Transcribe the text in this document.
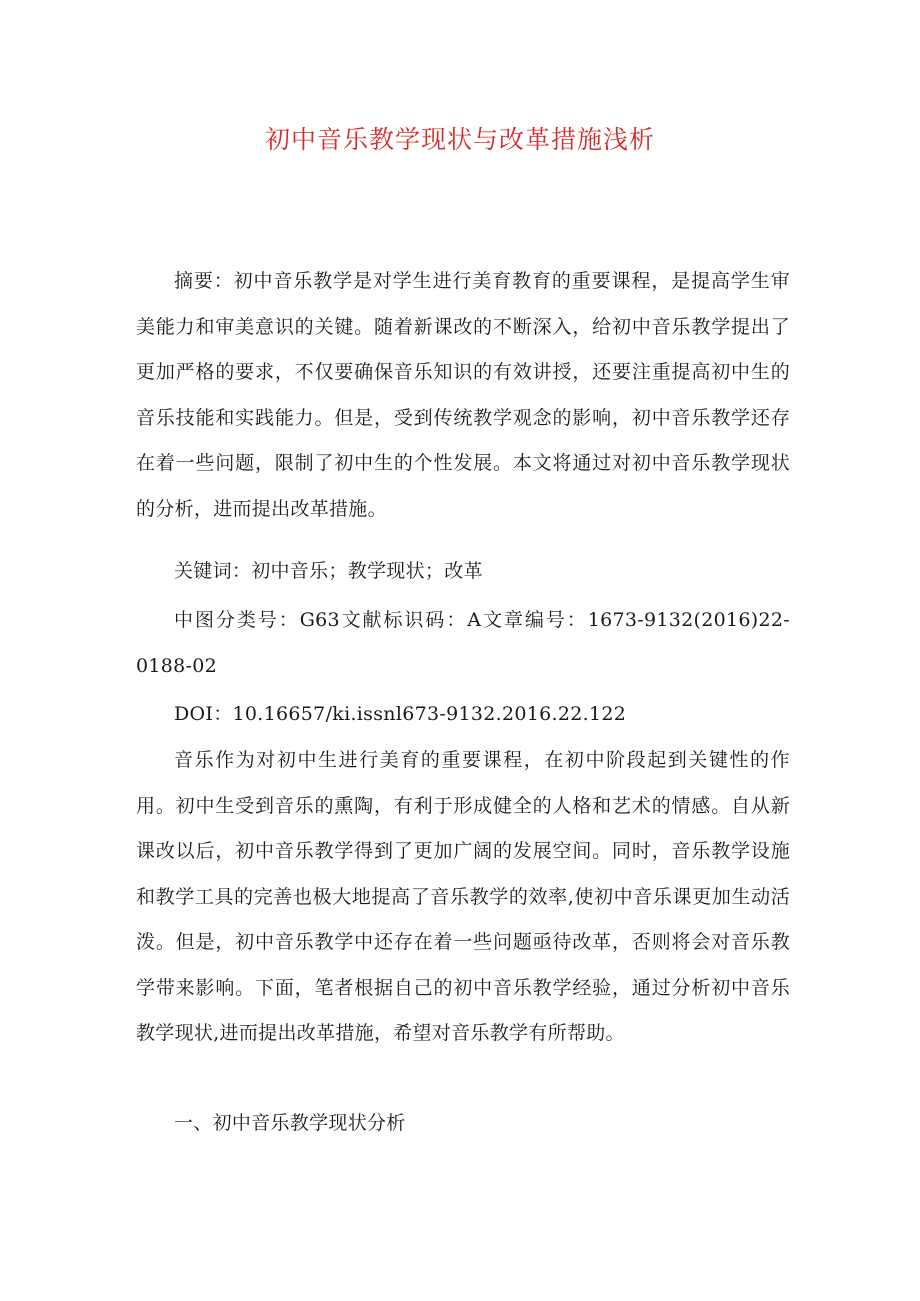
初中音乐教学现状与改革措施浅析

摘要：初中音乐教学是对学生进行美育教育的重要课程，是提高学生审美能力和审美意识的关键。随着新课改的不断深入，给初中音乐教学提出了更加严格的要求，不仅要确保音乐知识的有效讲授，还要注重提高初中生的音乐技能和实践能力。但是，受到传统教学观念的影响，初中音乐教学还存在着一些问题，限制了初中生的个性发展。本文将通过对初中音乐教学现状的分析，进而提出改革措施。

关键词：初中音乐；教学现状；改革

中图分类号：G63文献标识码：A文章编号：1673-9132(2016)22-0188-02

DOI：10.16657/ki.issnl673-9132.2016.22.122

音乐作为对初中生进行美育的重要课程，在初中阶段起到关键性的作用。初中生受到音乐的熏陶，有利于形成健全的人格和艺术的情感。自从新课改以后，初中音乐教学得到了更加广阔的发展空间。同时，音乐教学设施和教学工具的完善也极大地提高了音乐教学的效率,使初中音乐课更加生动活泼。但是，初中音乐教学中还存在着一些问题亟待改革，否则将会对音乐教学带来影响。下面，笔者根据自己的初中音乐教学经验，通过分析初中音乐教学现状,进而提出改革措施，希望对音乐教学有所帮助。

一、初中音乐教学现状分析
